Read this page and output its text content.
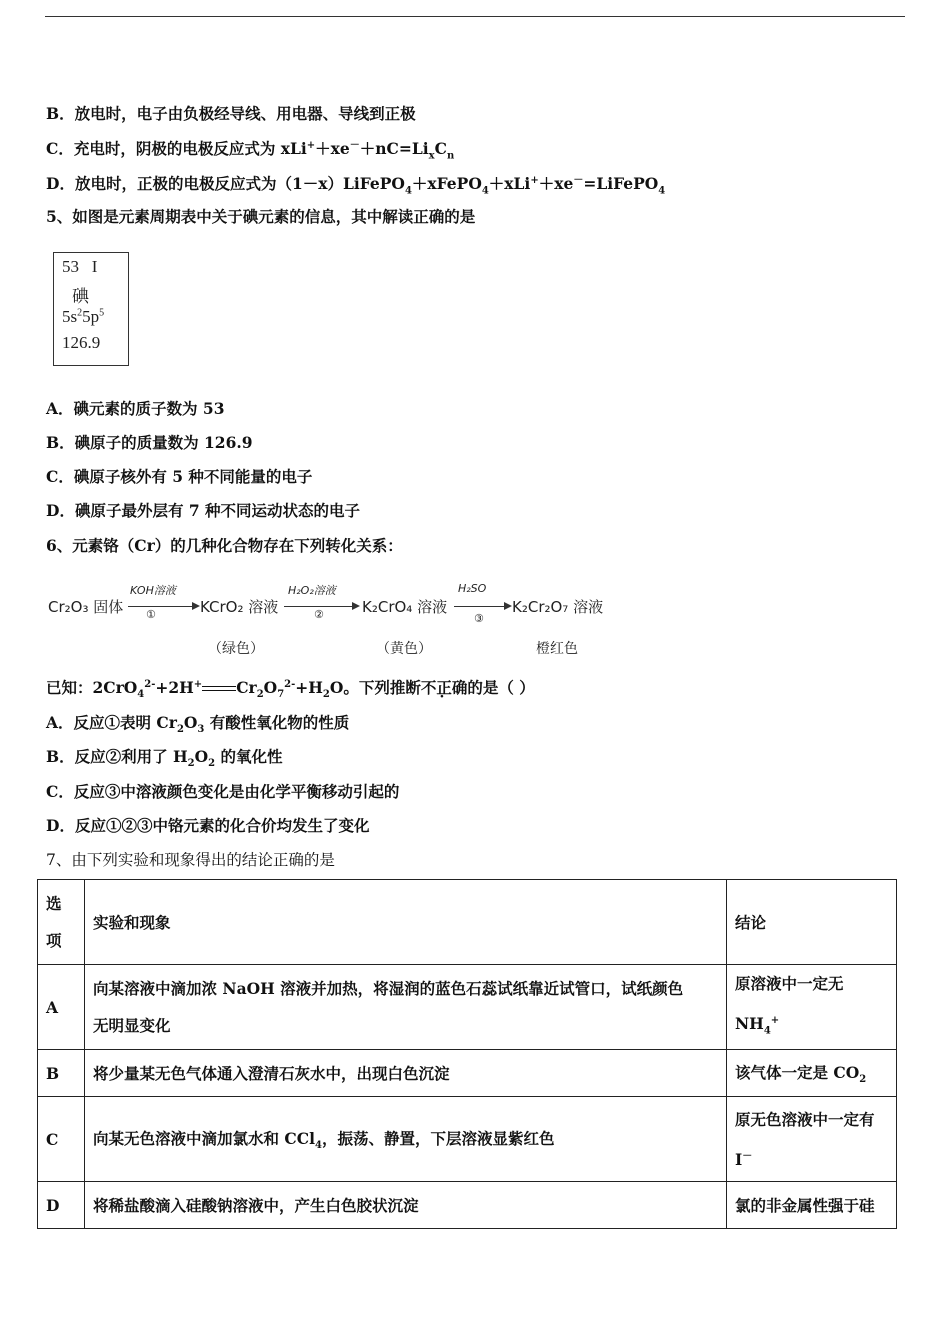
B．放电时，电子由负极经导线、用电器、导线到正极
C．充电时，阴极的电极反应式为 $xLi^++xe^-+nC=Li_xC_n$
D．放电时，正极的电极反应式为（1－x）LiFePO$_4$＋xFePO$_4$＋xLi+＋xe－=LiFePO$_4$
5、如图是元素周期表中关于碘元素的信息，其中解读正确的是
53 I
碘
$5s^25p^5$
126.9
A．碘元素的质子数为 53
B．碘原子的质量数为 126.9
C．碘原子核外有 5 种不同能量的电子
D．碘原子最外层有 7 种不同运动状态的电子
6、元素铬（Cr）的几种化合物存在下列转化关系：
Cr₂O₃ 固体
KOH溶液
①	KCrO₂ 溶液
H₂O₂溶液
②	K₂CrO₄ 溶液
H₂SO
③
K₂Cr₂O₇ 溶液
（绿色）	（黄色）	橙红色
已知：2CrO$_4^{2-}$+2H+ $Cr_2O_7^{2-}+H_2O$。下列推断不正确的是（ ）
A．反应①表明 $Cr_2O_3$ 有酸性氧化物的性质
B．反应②利用了 $H_2O_2$ 的氧化性
C．反应③中溶液颜色变化是由化学平衡移动引起的
D．反应①②③中铬元素的化合价均发生了变化
7、由下列实验和现象得出的结论正确的是
选
项	实验和现象	结论
A	向某溶液中滴加浓 NaOH 溶液并加热，将湿润的蓝色石蕊试纸靠近试管口，试纸颜色
无明显变化	原溶液中一定无
$NH_4^+$

B	将少量某无色气体通入澄清石灰水中，出现白色沉淀	该气体一定是 $CO_2$
C	向某无色溶液中滴加氯水和 CCl$_4$，振荡、静置，下层溶液显紫红色	原无色溶液中一定有
I－

D	将稀盐酸滴入硅酸钠溶液中，产生白色胶状沉淀	氯的非金属性强于硅
